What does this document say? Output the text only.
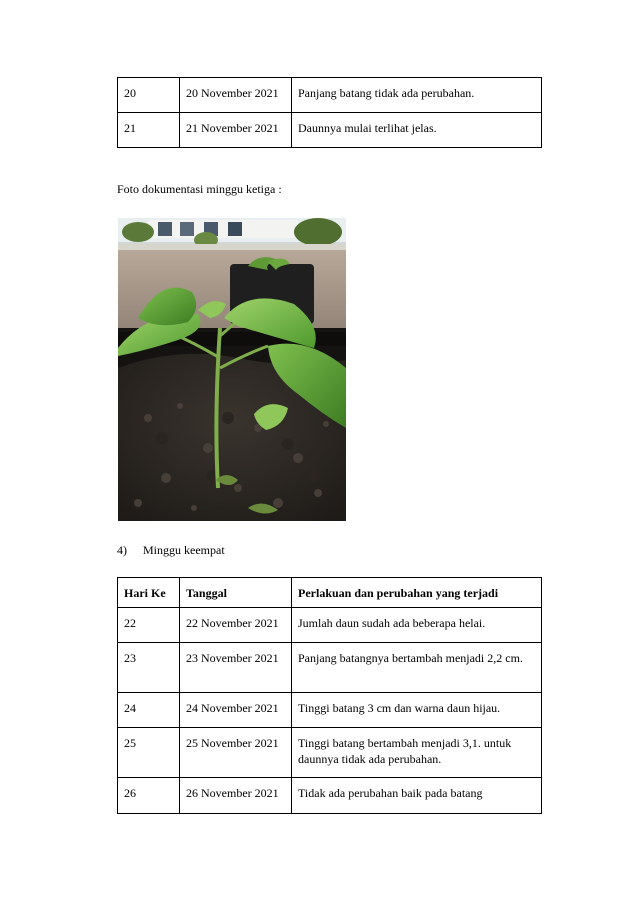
20	20 November 2021	Panjang batang tidak ada perubahan.
21	21 November 2021	Daunnya mulai terlihat jelas.
Foto dokumentasi minggu ketiga :
4) Minggu keempat
Hari Ke	Tanggal	Perlakuan dan perubahan yang terjadi
22	22 November 2021	Jumlah daun sudah ada beberapa helai.
23	23 November 2021	Panjang batangnya bertambah menjadi 2,2 cm.
24	24 November 2021	Tinggi batang 3 cm dan warna daun hijau.
25	25 November 2021	Tinggi batang bertambah menjadi 3,1. untuk daunnya tidak ada perubahan.
26	26 November 2021	Tidak ada perubahan baik pada batang
